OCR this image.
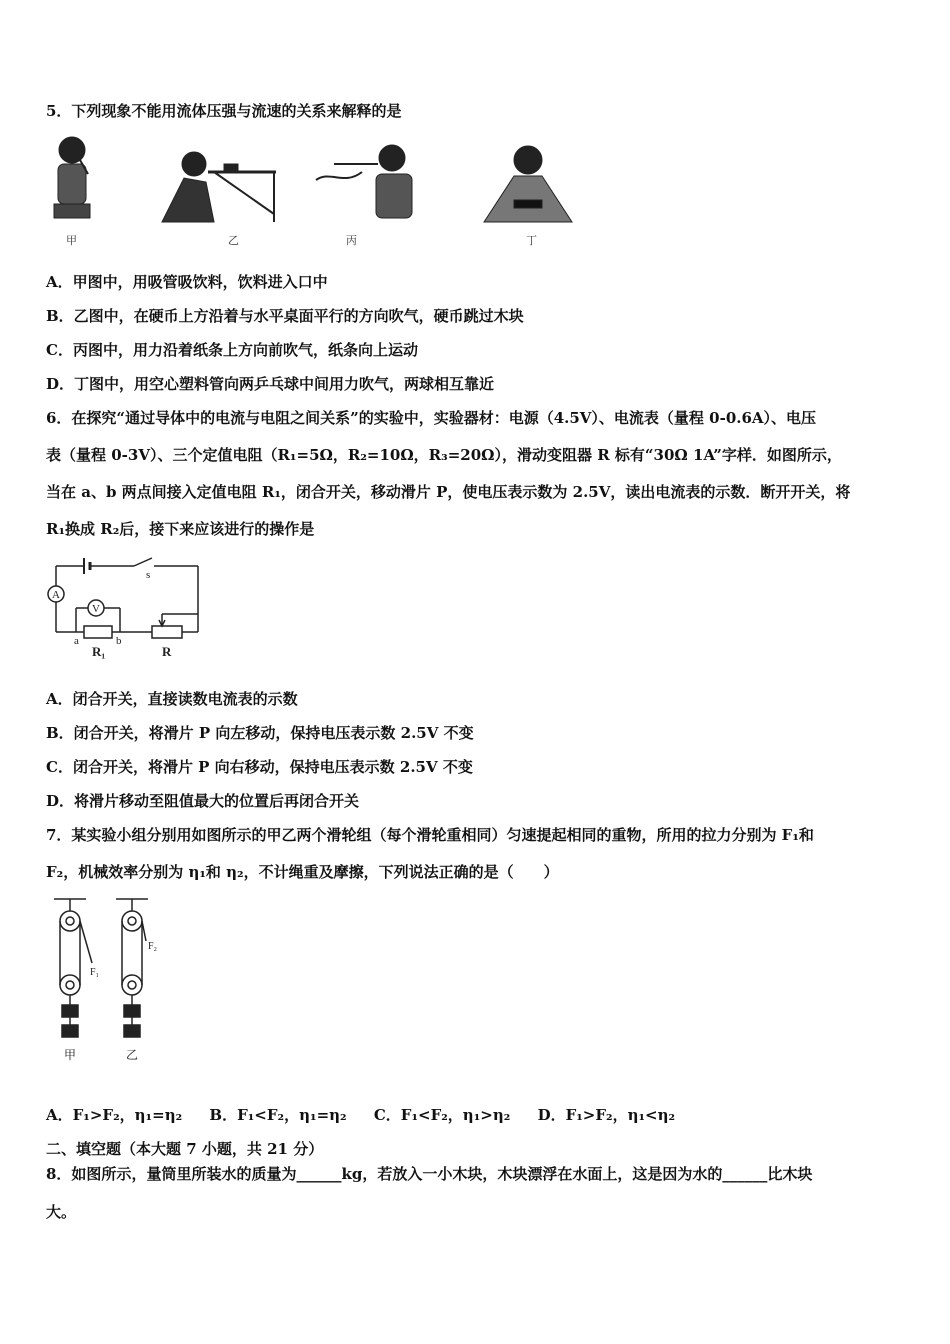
5．下列现象不能用流体压强与流速的关系来解释的是
甲	乙	丙	丁
A．甲图中，用吸管吸饮料，饮料进入口中
B．乙图中，在硬币上方沿着与水平桌面平行的方向吹气，硬币跳过木块
C．丙图中，用力沿着纸条上方向前吹气，纸条向上运动
D．丁图中，用空心塑料管向两乒乓球中间用力吹气，两球相互靠近
6．在探究“通过导体中的电流与电阻之间关系”的实验中，实验器材：电源（4.5V）、电流表（量程 0-0.6A）、电压
表（量程 0-3V）、三个定值电阻（R₁=5Ω，R₂=10Ω，R₃=20Ω），滑动变阻器 R 标有“30Ω 1A”字样．如图所示，
当在 a、b 两点间接入定值电阻 R₁，闭合开关，移动滑片 P，使电压表示数为 2.5V，读出电流表的示数．断开开关，将
R₁换成 R₂后，接下来应该进行的操作是
s
A
V
a	b
R₁	R
A．闭合开关，直接读数电流表的示数
B．闭合开关，将滑片 P 向左移动，保持电压表示数 2.5V 不变
C．闭合开关，将滑片 P 向右移动，保持电压表示数 2.5V 不变
D．将滑片移动至阻值最大的位置后再闭合开关
7．某实验小组分别用如图所示的甲乙两个滑轮组（每个滑轮重相同）匀速提起相同的重物，所用的拉力分别为 F₁和
F₂，机械效率分别为 η₁和 η₂，不计绳重及摩擦，下列说法正确的是（　　）
F₁
F₂
甲	乙
A．F₁>F₂，η₁=η₂ B．F₁<F₂，η₁=η₂ C．F₁<F₂，η₁>η₂ D．F₁>F₂，η₁<η₂
二、填空题（本大题 7 小题，共 21 分）
8．如图所示，量筒里所装水的质量为______kg，若放入一小木块，木块漂浮在水面上，这是因为水的______比木块
大。
